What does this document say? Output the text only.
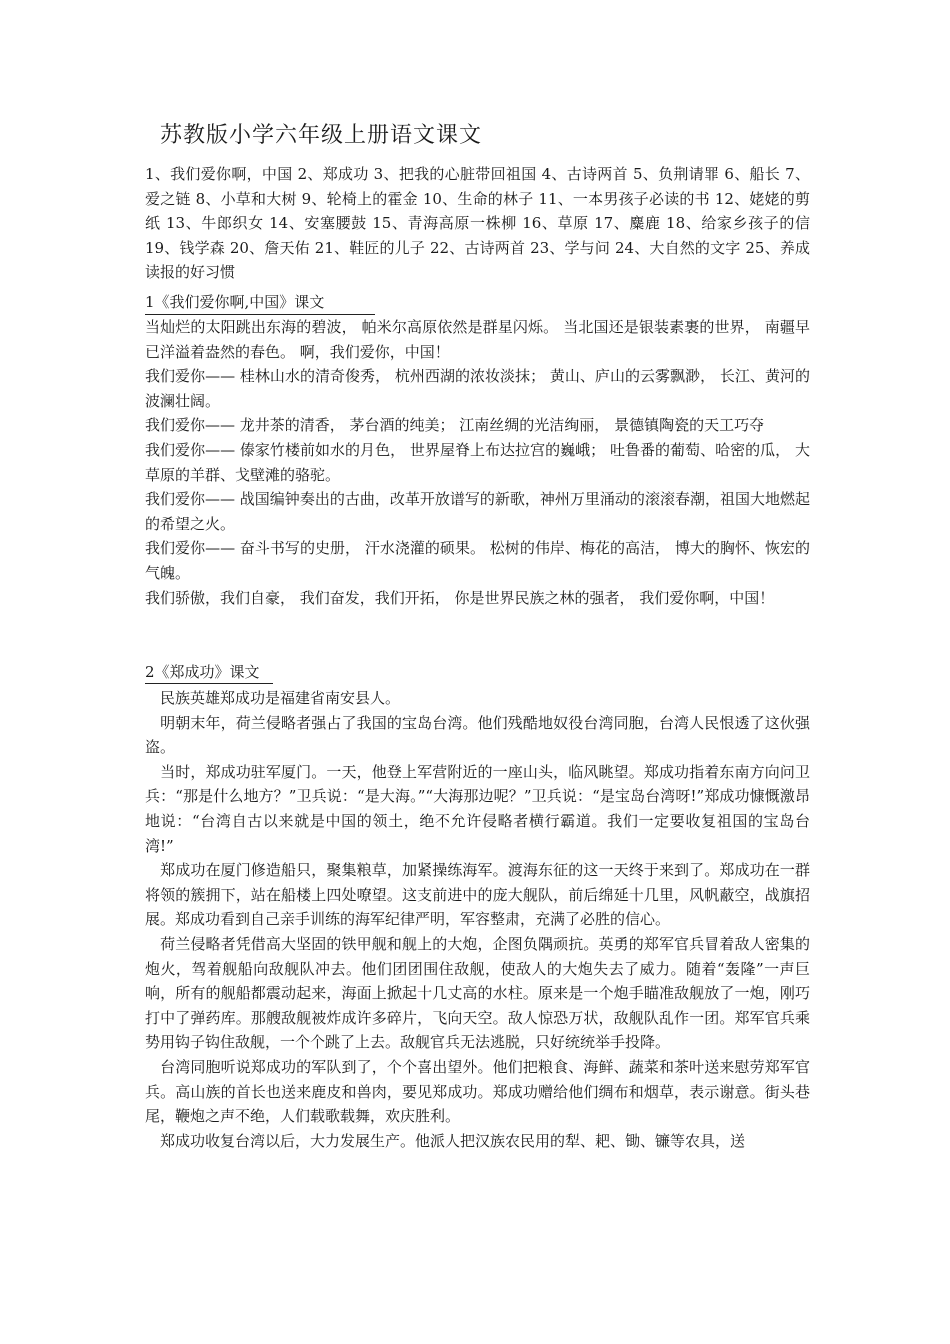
苏教版小学六年级上册语文课文

1、我们爱你啊，中国 2、郑成功 3、把我的心脏带回祖国 4、古诗两首 5、负荆请罪 6、船长 7、爱之链 8、小草和大树 9、轮椅上的霍金 10、生命的林子 11、一本男孩子必读的书 12、姥姥的剪纸 13、牛郎织女 14、安塞腰鼓 15、青海高原一株柳 16、草原 17、麋鹿 18、给家乡孩子的信 19、钱学森 20、詹天佑 21、鞋匠的儿子 22、古诗两首 23、学与问 24、大自然的文字 25、养成读报的好习惯

1《我们爱你啊,中国》课文

当灿烂的太阳跳出东海的碧波， 帕米尔高原依然是群星闪烁。 当北国还是银装素裹的世界， 南疆早已洋溢着盎然的春色。 啊，我们爱你，中国！

我们爱你—— 桂林山水的清奇俊秀， 杭州西湖的浓妆淡抹； 黄山、庐山的云雾飘渺， 长江、黄河的波澜壮阔。

我们爱你—— 龙井茶的清香， 茅台酒的纯美； 江南丝绸的光洁绚丽， 景德镇陶瓷的天工巧夺

我们爱你—— 傣家竹楼前如水的月色， 世界屋脊上布达拉宫的巍峨； 吐鲁番的葡萄、哈密的瓜， 大草原的羊群、戈壁滩的骆驼。

我们爱你—— 战国编钟奏出的古曲，改革开放谱写的新歌，神州万里涌动的滚滚春潮，祖国大地燃起的希望之火。

我们爱你—— 奋斗书写的史册， 汗水浇灌的硕果。 松树的伟岸、梅花的高洁， 博大的胸怀、恢宏的气魄。

我们骄傲，我们自豪， 我们奋发，我们开拓， 你是世界民族之林的强者， 我们爱你啊，中国！

2《郑成功》课文

　民族英雄郑成功是福建省南安县人。

　明朝末年，荷兰侵略者强占了我国的宝岛台湾。他们残酷地奴役台湾同胞，台湾人民恨透了这伙强盗。

　当时，郑成功驻军厦门。一天，他登上军营附近的一座山头，临风眺望。郑成功指着东南方向问卫兵：“那是什么地方？”卫兵说：“是大海。”“大海那边呢？”卫兵说：“是宝岛台湾呀!”郑成功慷慨激昂地说：“台湾自古以来就是中国的领土，绝不允许侵略者横行霸道。我们一定要收复祖国的宝岛台湾!”

　郑成功在厦门修造船只，聚集粮草，加紧操练海军。渡海东征的这一天终于来到了。郑成功在一群将领的簇拥下，站在船楼上四处嘹望。这支前进中的庞大舰队，前后绵延十几里，风帆蔽空，战旗招展。郑成功看到自己亲手训练的海军纪律严明，军容整肃，充满了必胜的信心。

　荷兰侵略者凭借高大坚固的铁甲舰和舰上的大炮，企图负隅顽抗。英勇的郑军官兵冒着敌人密集的炮火，驾着舰船向敌舰队冲去。他们团团围住敌舰，使敌人的大炮失去了威力。随着“轰隆”一声巨响，所有的舰船都震动起来，海面上掀起十几丈高的水柱。原来是一个炮手瞄准敌舰放了一炮，刚巧打中了弹药库。那艘敌舰被炸成许多碎片，飞向天空。敌人惊恐万状，敌舰队乱作一团。郑军官兵乘势用钩子钩住敌舰，一个个跳了上去。敌舰官兵无法逃脱，只好统统举手投降。

　台湾同胞听说郑成功的军队到了，个个喜出望外。他们把粮食、海鲜、蔬菜和茶叶送来慰劳郑军官兵。高山族的首长也送来鹿皮和兽肉，要见郑成功。郑成功赠给他们绸布和烟草，表示谢意。街头巷尾，鞭炮之声不绝，人们载歌载舞，欢庆胜利。

　郑成功收复台湾以后，大力发展生产。他派人把汉族农民用的犁、耙、锄、镰等农具，送
